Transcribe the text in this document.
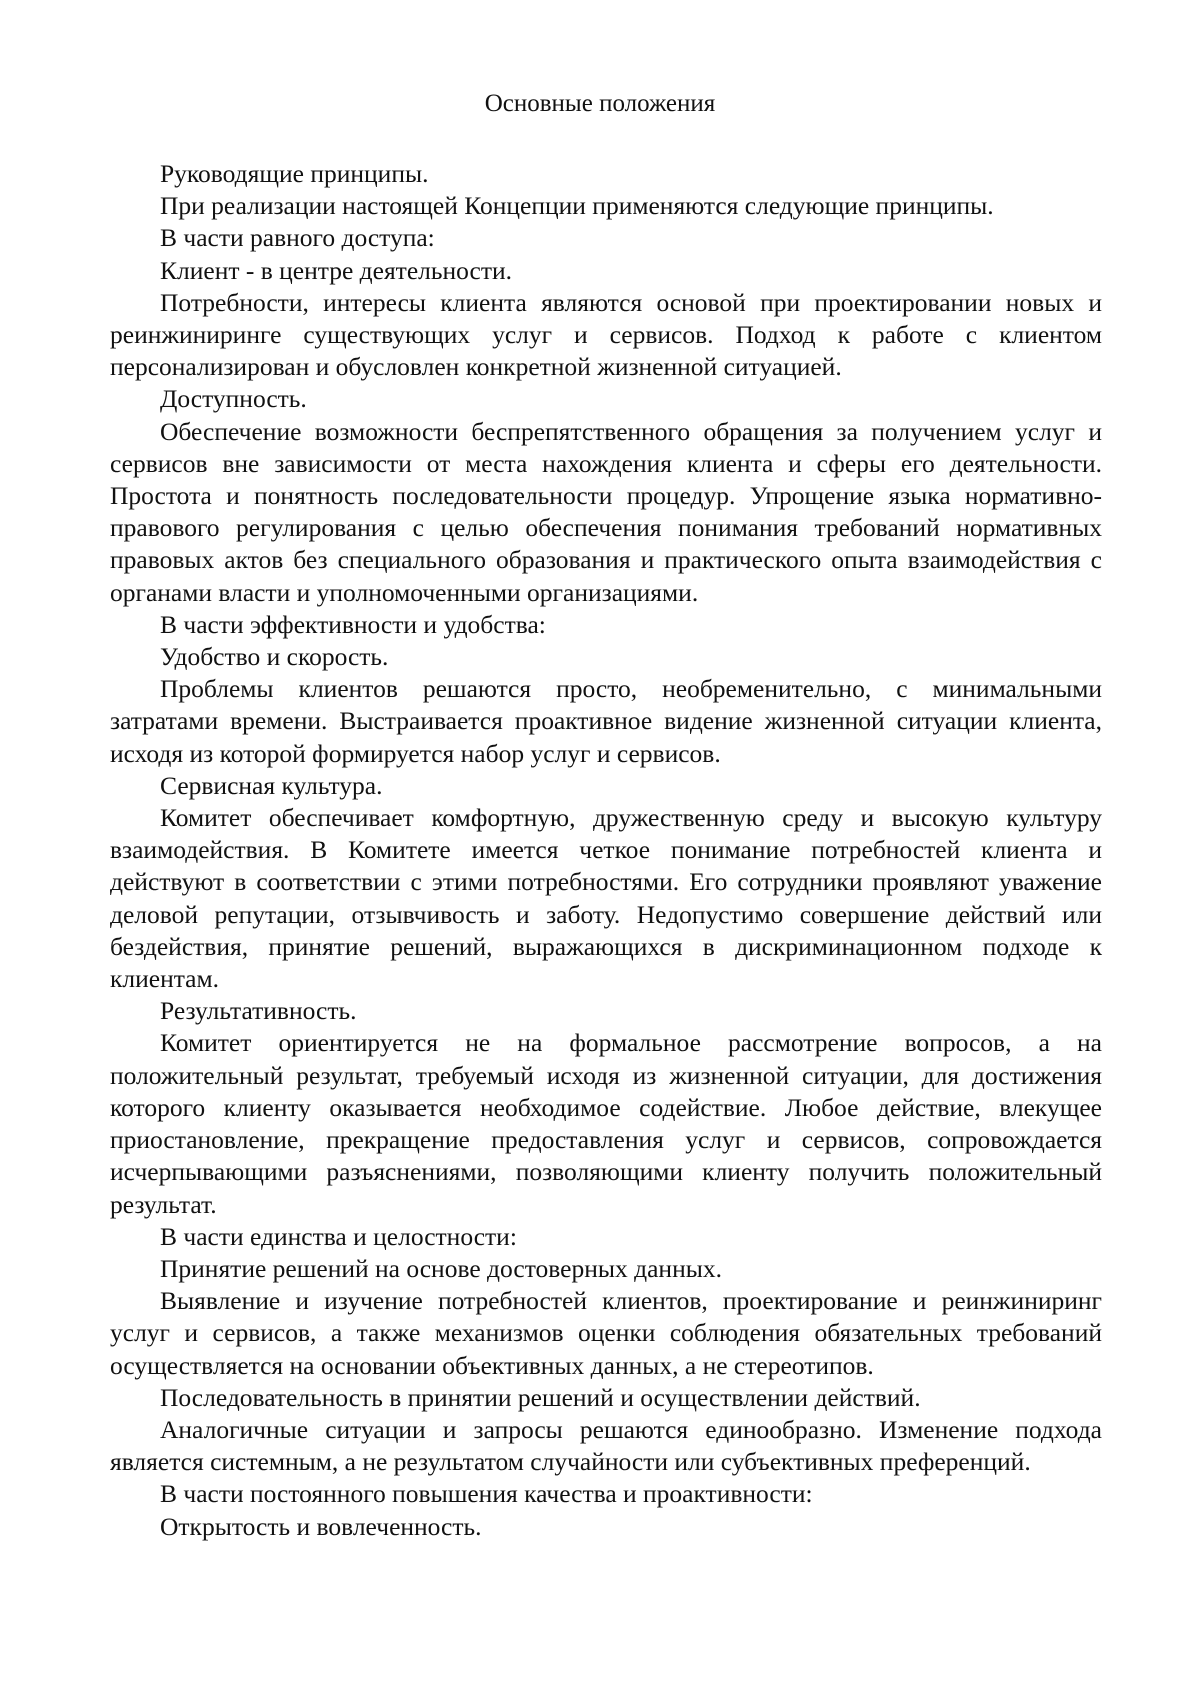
Основные положения

Руководящие принципы.

При реализации настоящей Концепции применяются следующие принципы.

В части равного доступа:

Клиент - в центре деятельности.

Потребности, интересы клиента являются основой при проектировании новых и реинжиниринге существующих услуг и сервисов. Подход к работе с клиентом персонализирован и обусловлен конкретной жизненной ситуацией.

Доступность.

Обеспечение возможности беспрепятственного обращения за получением услуг и сервисов вне зависимости от места нахождения клиента и сферы его деятельности. Простота и понятность последовательности процедур. Упрощение языка нормативно-правового регулирования с целью обеспечения понимания требований нормативных правовых актов без специального образования и практического опыта взаимодействия с органами власти и уполномоченными организациями.

В части эффективности и удобства:

Удобство и скорость.

Проблемы клиентов решаются просто, необременительно, с минимальными затратами времени. Выстраивается проактивное видение жизненной ситуации клиента, исходя из которой формируется набор услуг и сервисов.

Сервисная культура.

Комитет обеспечивает комфортную, дружественную среду и высокую культуру взаимодействия. В Комитете имеется четкое понимание потребностей клиента и действуют в соответствии с этими потребностями. Его сотрудники проявляют уважение деловой репутации, отзывчивость и заботу. Недопустимо совершение действий или бездействия, принятие решений, выражающихся в дискриминационном подходе к клиентам.

Результативность.

Комитет ориентируется не на формальное рассмотрение вопросов, а на положительный результат, требуемый исходя из жизненной ситуации, для достижения которого клиенту оказывается необходимое содействие. Любое действие, влекущее приостановление, прекращение предоставления услуг и сервисов, сопровождается исчерпывающими разъяснениями, позволяющими клиенту получить положительный результат.

В части единства и целостности:

Принятие решений на основе достоверных данных.

Выявление и изучение потребностей клиентов, проектирование и реинжиниринг услуг и сервисов, а также механизмов оценки соблюдения обязательных требований осуществляется на основании объективных данных, а не стереотипов.

Последовательность в принятии решений и осуществлении действий.

Аналогичные ситуации и запросы решаются единообразно. Изменение подхода является системным, а не результатом случайности или субъективных преференций.

В части постоянного повышения качества и проактивности:

Открытость и вовлеченность.
